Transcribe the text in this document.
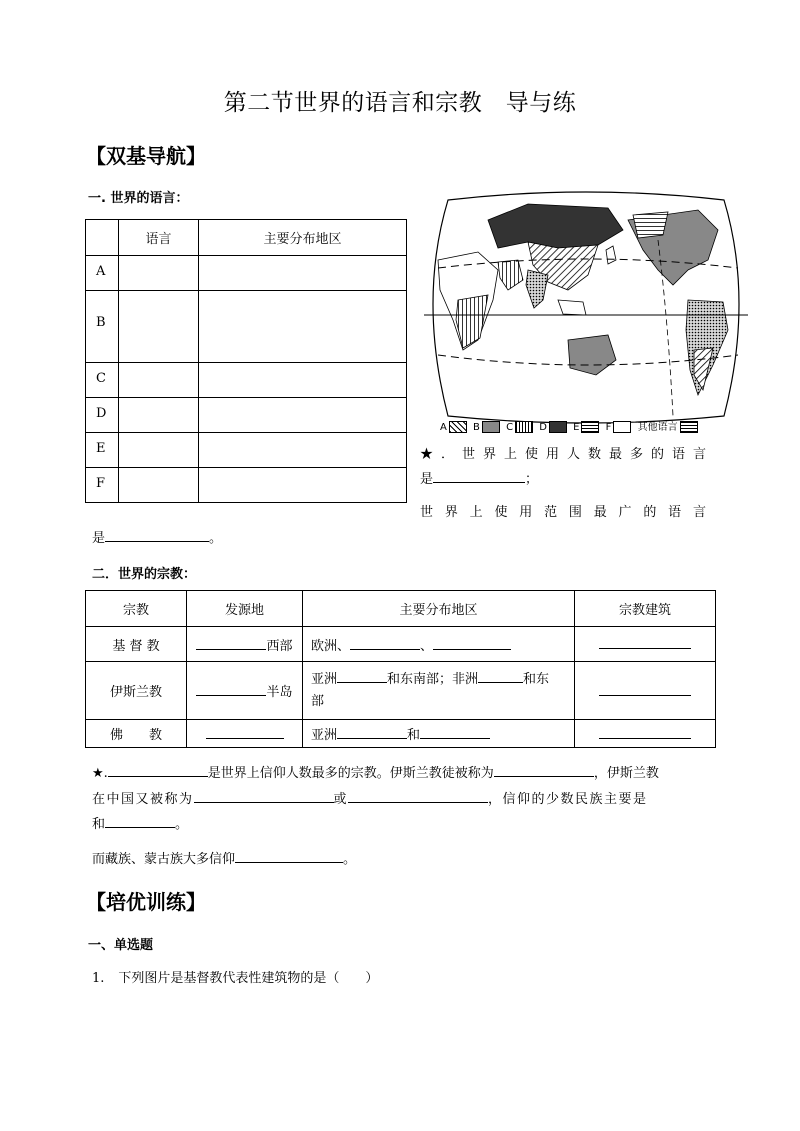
第二节世界的语言和宗教　导与练
【双基导航】
一. 世界的语言：
	语言	主要分布地区
A		
B		
C		
D		
E		
F		
A	B	C	D	E	F	其他语言
★．世界上使用人数最多的语言
是	；
世界上使用范围最广的语言
是	。
二．世界的宗教：
宗教	发源地	主要分布地区	宗教建筑
基 督 教	西部	欧洲、 、	
伊斯兰教	半岛	亚洲 和东南部；非洲 和东
部	
佛　　教		亚洲 和	
★.	是世界上信仰人数最多的宗教。伊斯兰教徒被称为	，伊斯兰教
在中国又被称为	或	，信仰的少数民族主要是
和	。
而藏族、蒙古族大多信仰	。
【培优训练】
一、单选题
1. 下列图片是基督教代表性建筑物的是（　　）
